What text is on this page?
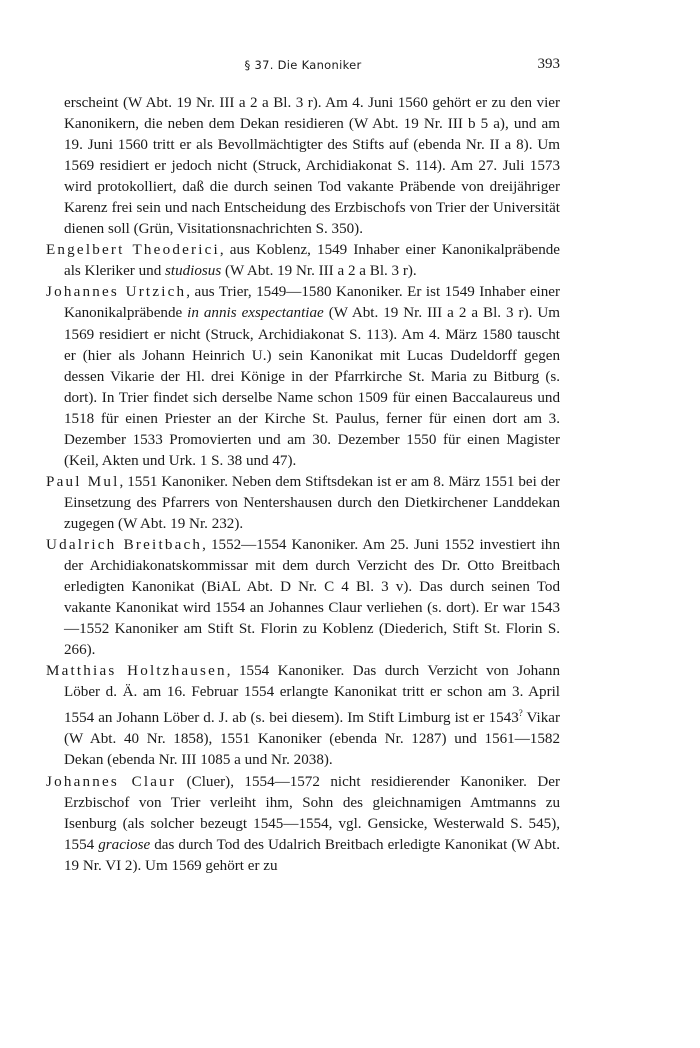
§ 37. Die Kanoniker	393

erscheint (W Abt. 19 Nr. III a 2 a Bl. 3 r). Am 4. Juni 1560 gehört er zu den vier Kanonikern, die neben dem Dekan residieren (W Abt. 19 Nr. III b 5 a), und am 19. Juni 1560 tritt er als Bevollmächtigter des Stifts auf (ebenda Nr. II a 8). Um 1569 residiert er jedoch nicht (Struck, Archidiakonat S. 114). Am 27. Juli 1573 wird protokolliert, daß die durch seinen Tod vakante Präbende von dreijähriger Karenz frei sein und nach Entscheidung des Erzbischofs von Trier der Universität dienen soll (Grün, Visitationsnachrichten S. 350).

Engelbert Theoderici, aus Koblenz, 1549 Inhaber einer Kanonikalpräbende als Kleriker und studiosus (W Abt. 19 Nr. III a 2 a Bl. 3 r).

Johannes Urtzich, aus Trier, 1549—1580 Kanoniker. Er ist 1549 Inhaber einer Kanonikalpräbende in annis exspectantiae (W Abt. 19 Nr. III a 2 a Bl. 3 r). Um 1569 residiert er nicht (Struck, Archidiakonat S. 113). Am 4. März 1580 tauscht er (hier als Johann Heinrich U.) sein Kanonikat mit Lucas Dudeldorff gegen dessen Vikarie der Hl. drei Könige in der Pfarrkirche St. Maria zu Bitburg (s. dort). In Trier findet sich derselbe Name schon 1509 für einen Baccalaureus und 1518 für einen Priester an der Kirche St. Paulus, ferner für einen dort am 3. Dezember 1533 Promovierten und am 30. Dezember 1550 für einen Magister (Keil, Akten und Urk. 1 S. 38 und 47).

Paul Mul, 1551 Kanoniker. Neben dem Stiftsdekan ist er am 8. März 1551 bei der Einsetzung des Pfarrers von Nentershausen durch den Dietkirchener Landdekan zugegen (W Abt. 19 Nr. 232).

Udalrich Breitbach, 1552—1554 Kanoniker. Am 25. Juni 1552 investiert ihn der Archidiakonatskommissar mit dem durch Verzicht des Dr. Otto Breitbach erledigten Kanonikat (BiAL Abt. D Nr. C 4 Bl. 3 v). Das durch seinen Tod vakante Kanonikat wird 1554 an Johannes Claur verliehen (s. dort). Er war 1543—1552 Kanoniker am Stift St. Florin zu Koblenz (Diederich, Stift St. Florin S. 266).

Matthias Holtzhausen, 1554 Kanoniker. Das durch Verzicht von Johann Löber d. Ä. am 16. Februar 1554 erlangte Kanonikat tritt er schon am 3. April 1554 an Johann Löber d. J. ab (s. bei diesem). Im Stift Limburg ist er 1543? Vikar (W Abt. 40 Nr. 1858), 1551 Kanoniker (ebenda Nr. 1287) und 1561—1582 Dekan (ebenda Nr. III 1085 a und Nr. 2038).

Johannes Claur (Cluer), 1554—1572 nicht residierender Kanoniker. Der Erzbischof von Trier verleiht ihm, Sohn des gleichnamigen Amtmanns zu Isenburg (als solcher bezeugt 1545—1554, vgl. Gensicke, Westerwald S. 545), 1554 graciose das durch Tod des Udalrich Breitbach erledigte Kanonikat (W Abt. 19 Nr. VI 2). Um 1569 gehört er zu
